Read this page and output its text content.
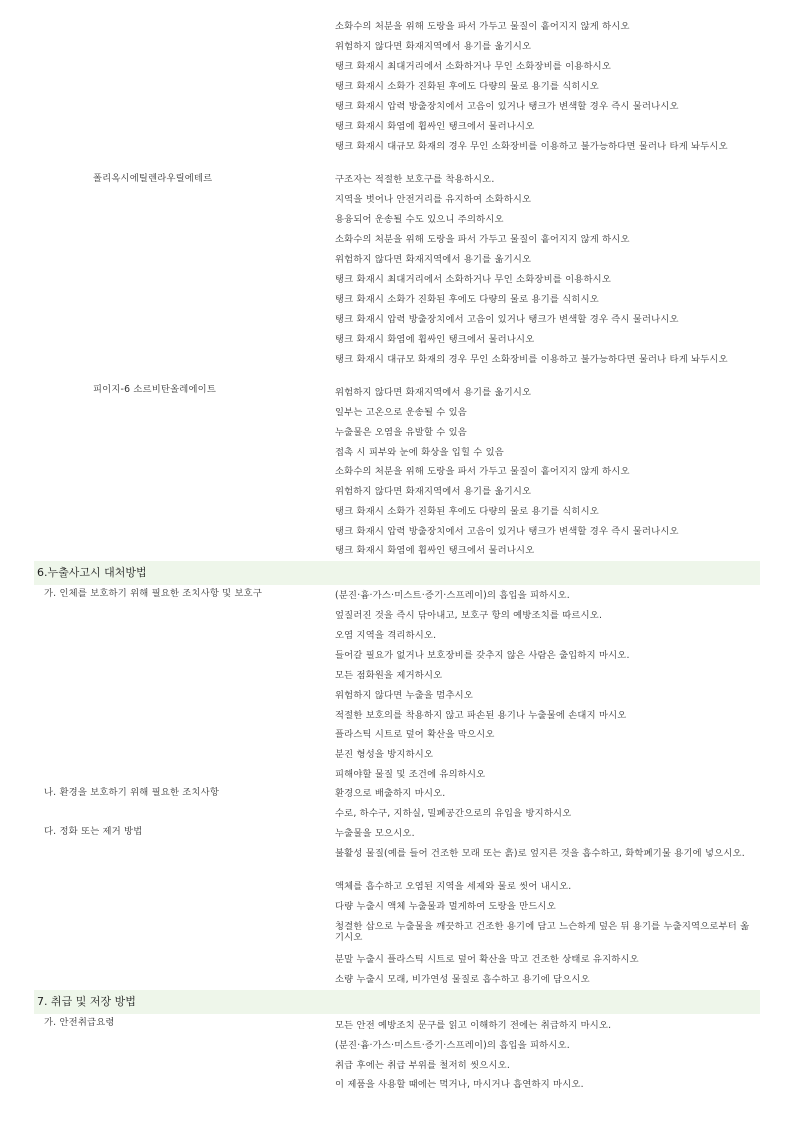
소화수의 처분을 위해 도랑을 파서 가두고 물질이 흩어지지 않게 하시오
위험하지 않다면 화재지역에서 용기를 옮기시오
탱크 화재시 최대거리에서 소화하거나 무인 소화장비를 이용하시오
탱크 화재시 소화가 진화된 후에도 다량의 물로 용기를 식히시오
탱크 화재시 압력 방출장치에서 고음이 있거나 탱크가 변색할 경우 즉시 물러나시오
탱크 화재시 화염에 휩싸인 탱크에서 물러나시오
탱크 화재시 대규모 화재의 경우 무인 소화장비를 이용하고 불가능하다면 물러나 타게 놔두시오
폴리옥시에틸렌라우릴에테르	구조자는 적절한 보호구를 착용하시오.
지역을 벗어나 안전거리를 유지하여 소화하시오
용융되어 운송될 수도 있으니 주의하시오
소화수의 처분을 위해 도랑을 파서 가두고 물질이 흩어지지 않게 하시오
위험하지 않다면 화재지역에서 용기를 옮기시오
탱크 화재시 최대거리에서 소화하거나 무인 소화장비를 이용하시오
탱크 화재시 소화가 진화된 후에도 다량의 물로 용기를 식히시오
탱크 화재시 압력 방출장치에서 고음이 있거나 탱크가 변색할 경우 즉시 물러나시오
탱크 화재시 화염에 휩싸인 탱크에서 물러나시오
탱크 화재시 대규모 화재의 경우 무인 소화장비를 이용하고 불가능하다면 물러나 타게 놔두시오
피이지-6 소르비탄올레에이트	위험하지 않다면 화재지역에서 용기를 옮기시오
일부는 고온으로 운송될 수 있음
누출물은 오염을 유발할 수 있음
접촉 시 피부와 눈에 화상을 입힐 수 있음
소화수의 처분을 위해 도랑을 파서 가두고 물질이 흩어지지 않게 하시오
위험하지 않다면 화재지역에서 용기를 옮기시오
탱크 화재시 소화가 진화된 후에도 다량의 물로 용기를 식히시오
탱크 화재시 압력 방출장치에서 고음이 있거나 탱크가 변색할 경우 즉시 물러나시오
탱크 화재시 화염에 휩싸인 탱크에서 물러나시오
6.누출사고시 대처방법
가. 인체를 보호하기 위해 필요한 조치사항 및 보호구	(분진·흄·가스·미스트·증기·스프레이)의 흡입을 피하시오.
엎질러진 것을 즉시 닦아내고, 보호구 항의 예방조치를 따르시오.
오염 지역을 격리하시오.
들어갈 필요가 없거나 보호장비를 갖추지 않은 사람은 출입하지 마시오.
모든 점화원을 제거하시오
위험하지 않다면 누출을 멈추시오
적절한 보호의를 착용하지 않고 파손된 용기나 누출물에 손대지 마시오
플라스틱 시트로 덮어 확산을 막으시오
분진 형성을 방지하시오
피해야할 물질 및 조건에 유의하시오
나. 환경을 보호하기 위해 필요한 조치사항	환경으로 배출하지 마시오.
수로, 하수구, 지하실, 밀폐공간으로의 유입을 방지하시오
다. 정화 또는 제거 방법	누출물을 모으시오.
불활성 물질(예를 들어 건조한 모래 또는 흙)로 엎지른 것을 흡수하고, 화학폐기물 용기에 넣으시오.
액체를 흡수하고 오염된 지역을 세제와 물로 씻어 내시오.
다량 누출시 액체 누출물과 멀게하여 도랑을 만드시오
청결한 삽으로 누출물을 깨끗하고 건조한 용기에 담고 느슨하게 덮은 뒤 용기를 누출지역으로부터 옮기시오
분말 누출시 플라스틱 시트로 덮어 확산을 막고 건조한 상태로 유지하시오
소량 누출시 모래, 비가연성 물질로 흡수하고 용기에 담으시오
7. 취급 및 저장 방법
가. 안전취급요령	모든 안전 예방조치 문구를 읽고 이해하기 전에는 취급하지 마시오.
(분진·흄·가스·미스트·증기·스프레이)의 흡입을 피하시오.
취급 후에는 취급 부위를 철저히 씻으시오.
이 제품을 사용할 때에는 먹거나, 마시거나 흡연하지 마시오.
